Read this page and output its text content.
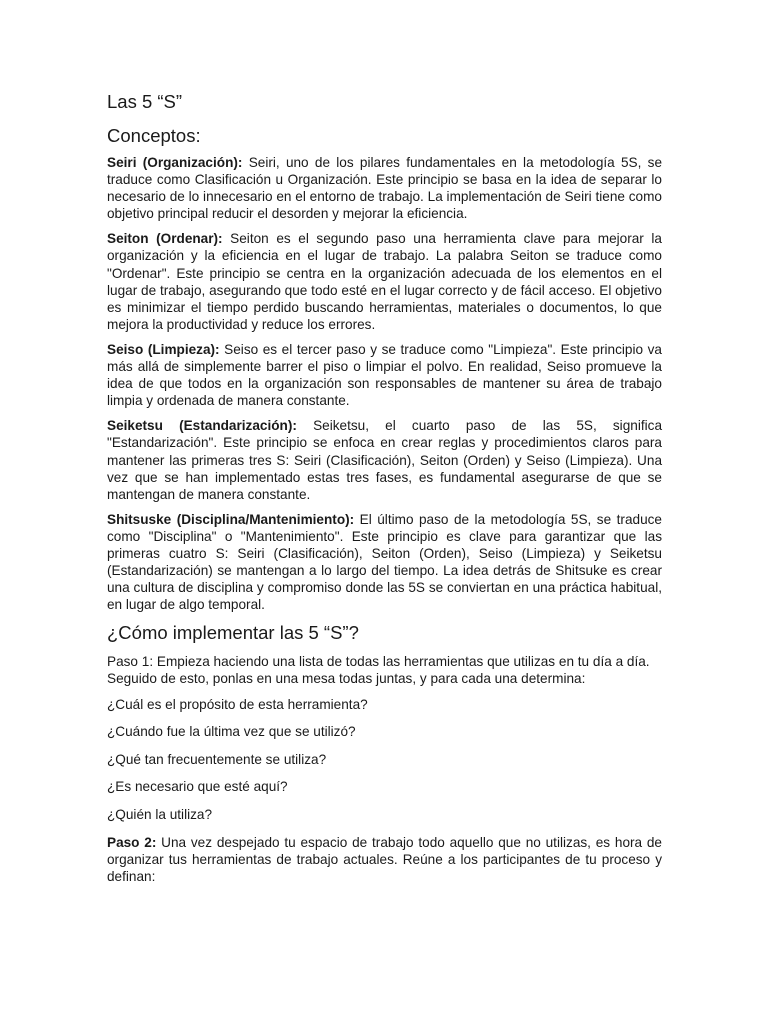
Las 5 “S”
Conceptos:

Seiri (Organización): Seiri, uno de los pilares fundamentales en la metodología 5S, se traduce como Clasificación u Organización. Este principio se basa en la idea de separar lo necesario de lo innecesario en el entorno de trabajo. La implementación de Seiri tiene como objetivo principal reducir el desorden y mejorar la eficiencia.

Seiton (Ordenar): Seiton es el segundo paso una herramienta clave para mejorar la organización y la eficiencia en el lugar de trabajo. La palabra Seiton se traduce como "Ordenar". Este principio se centra en la organización adecuada de los elementos en el lugar de trabajo, asegurando que todo esté en el lugar correcto y de fácil acceso. El objetivo es minimizar el tiempo perdido buscando herramientas, materiales o documentos, lo que mejora la productividad y reduce los errores.

Seiso (Limpieza): Seiso es el tercer paso y se traduce como "Limpieza". Este principio va más allá de simplemente barrer el piso o limpiar el polvo. En realidad, Seiso promueve la idea de que todos en la organización son responsables de mantener su área de trabajo limpia y ordenada de manera constante.

Seiketsu (Estandarización): Seiketsu, el cuarto paso de las 5S, significa "Estandarización". Este principio se enfoca en crear reglas y procedimientos claros para mantener las primeras tres S: Seiri (Clasificación), Seiton (Orden) y Seiso (Limpieza). Una vez que se han implementado estas tres fases, es fundamental asegurarse de que se mantengan de manera constante.

Shitsuske (Disciplina/Mantenimiento): El último paso de la metodología 5S, se traduce como "Disciplina" o "Mantenimiento". Este principio es clave para garantizar que las primeras cuatro S: Seiri (Clasificación), Seiton (Orden), Seiso (Limpieza) y Seiketsu (Estandarización) se mantengan a lo largo del tiempo. La idea detrás de Shitsuke es crear una cultura de disciplina y compromiso donde las 5S se conviertan en una práctica habitual, en lugar de algo temporal.

¿Cómo implementar las 5 “S”?

Paso 1: Empieza haciendo una lista de todas las herramientas que utilizas en tu día a día. Seguido de esto, ponlas en una mesa todas juntas, y para cada una determina:

¿Cuál es el propósito de esta herramienta?
¿Cuándo fue la última vez que se utilizó?
¿Qué tan frecuentemente se utiliza?
¿Es necesario que esté aquí?
¿Quién la utiliza?

Paso 2: Una vez despejado tu espacio de trabajo todo aquello que no utilizas, es hora de organizar tus herramientas de trabajo actuales. Reúne a los participantes de tu proceso y definan:
